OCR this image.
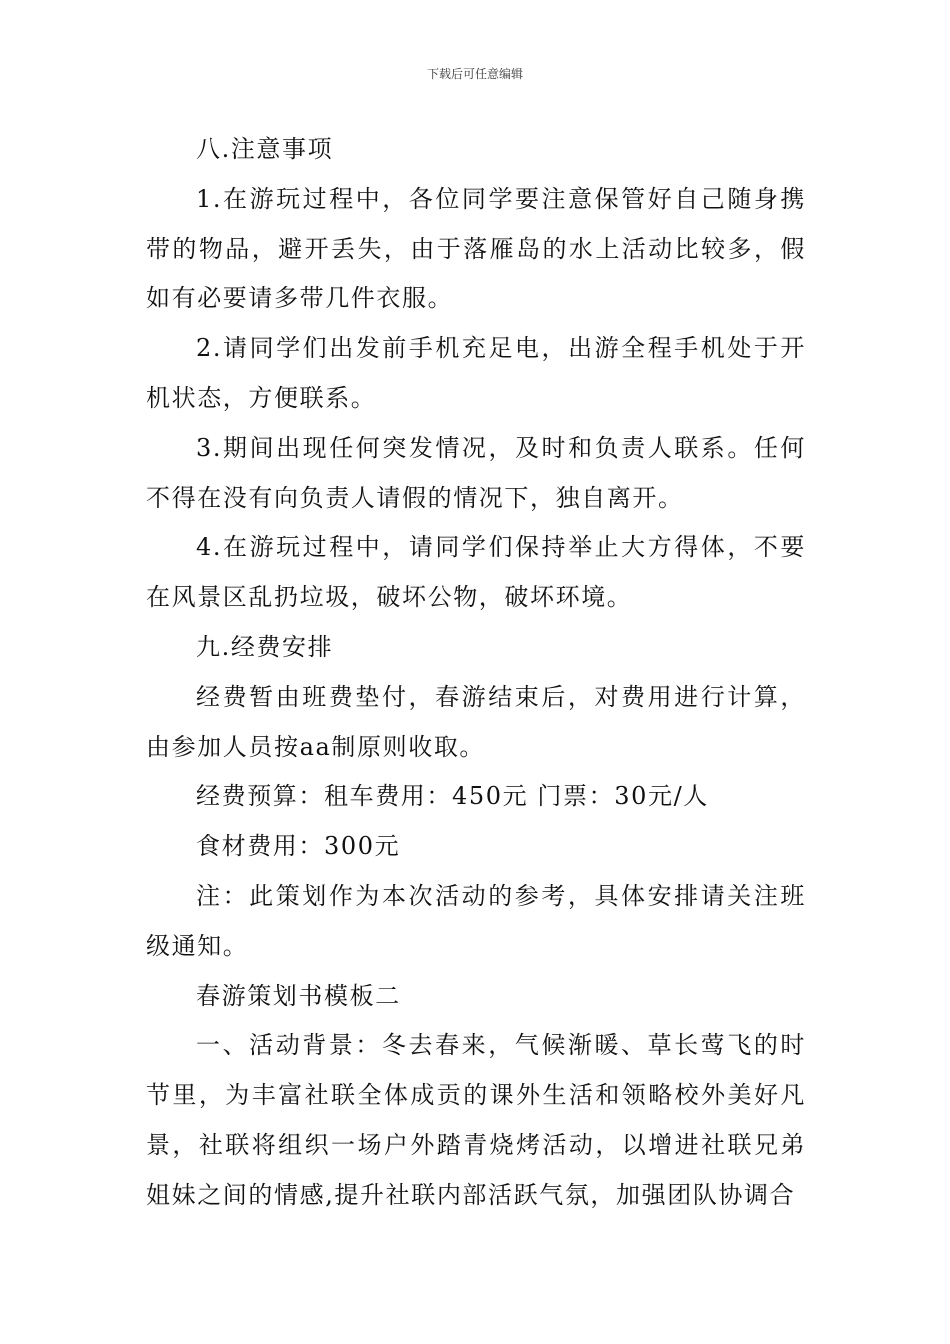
下载后可任意编辑

八.注意事项

1.在游玩过程中，各位同学要注意保管好自己随身携带的物品，避开丢失，由于落雁岛的水上活动比较多，假如有必要请多带几件衣服。

2.请同学们出发前手机充足电，出游全程手机处于开机状态，方便联系。

3.期间出现任何突发情况，及时和负责人联系。任何不得在没有向负责人请假的情况下，独自离开。

4.在游玩过程中，请同学们保持举止大方得体，不要在风景区乱扔垃圾，破坏公物，破坏环境。

九.经费安排

经费暂由班费垫付，春游结束后，对费用进行计算，由参加人员按aa制原则收取。

经费预算：租车费用：450元 门票：30元/人

食材费用：300元

注：此策划作为本次活动的参考，具体安排请关注班级通知。

春游策划书模板二

一、活动背景：冬去春来，气候渐暖、草长莺飞的时节里，为丰富社联全体成贡的课外生活和领略校外美好凡景，社联将组织一场户外踏青烧烤活动，以增进社联兄弟姐妹之间的情感,提升社联内部活跃气氛，加强团队协调合
